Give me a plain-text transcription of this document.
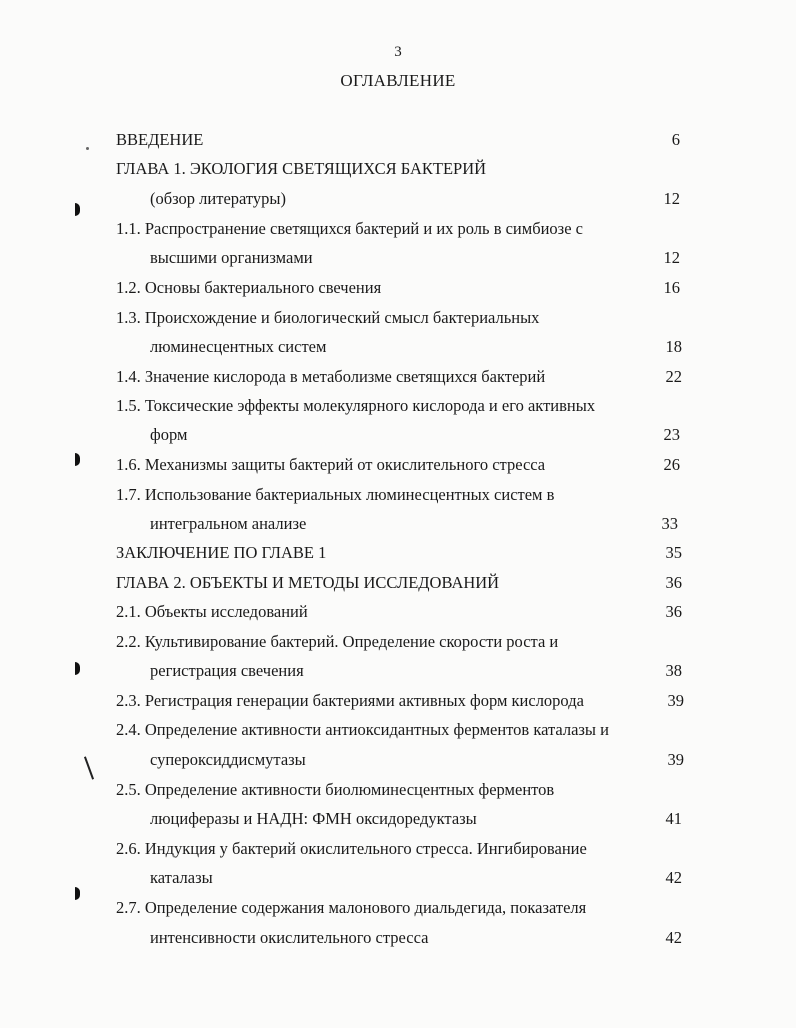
3
ОГЛАВЛЕНИЕ
ВВЕДЕНИЕ	6
ГЛАВА 1. ЭКОЛОГИЯ СВЕТЯЩИХСЯ БАКТЕРИЙ
(обзор литературы)	12
1.1. Распространение светящихся бактерий и их роль в симбиозе с
высшими организмами	12
1.2. Основы бактериального свечения	16
1.3. Происхождение и биологический смысл бактериальных
люминесцентных систем	18
1.4. Значение кислорода в метаболизме светящихся бактерий	22
1.5. Токсические эффекты молекулярного кислорода и его активных
форм	23
1.6. Механизмы защиты бактерий от окислительного стресса	26
1.7. Использование бактериальных люминесцентных систем в
интегральном анализе	33
ЗАКЛЮЧЕНИЕ ПО ГЛАВЕ 1	35
ГЛАВА 2. ОБЪЕКТЫ И МЕТОДЫ ИССЛЕДОВАНИЙ	36
2.1. Объекты исследований	36
2.2. Культивирование бактерий. Определение скорости роста и
регистрация свечения	38
2.3. Регистрация генерации бактериями активных форм кислорода	39
2.4. Определение активности антиоксидантных ферментов каталазы и
супероксиддисмутазы	39
2.5. Определение активности биолюминесцентных ферментов
люциферазы и НАДН: ФМН оксидоредуктазы	41
2.6. Индукция у бактерий окислительного стресса. Ингибирование
каталазы	42
2.7. Определение содержания малонового диальдегида, показателя
интенсивности окислительного стресса	42
